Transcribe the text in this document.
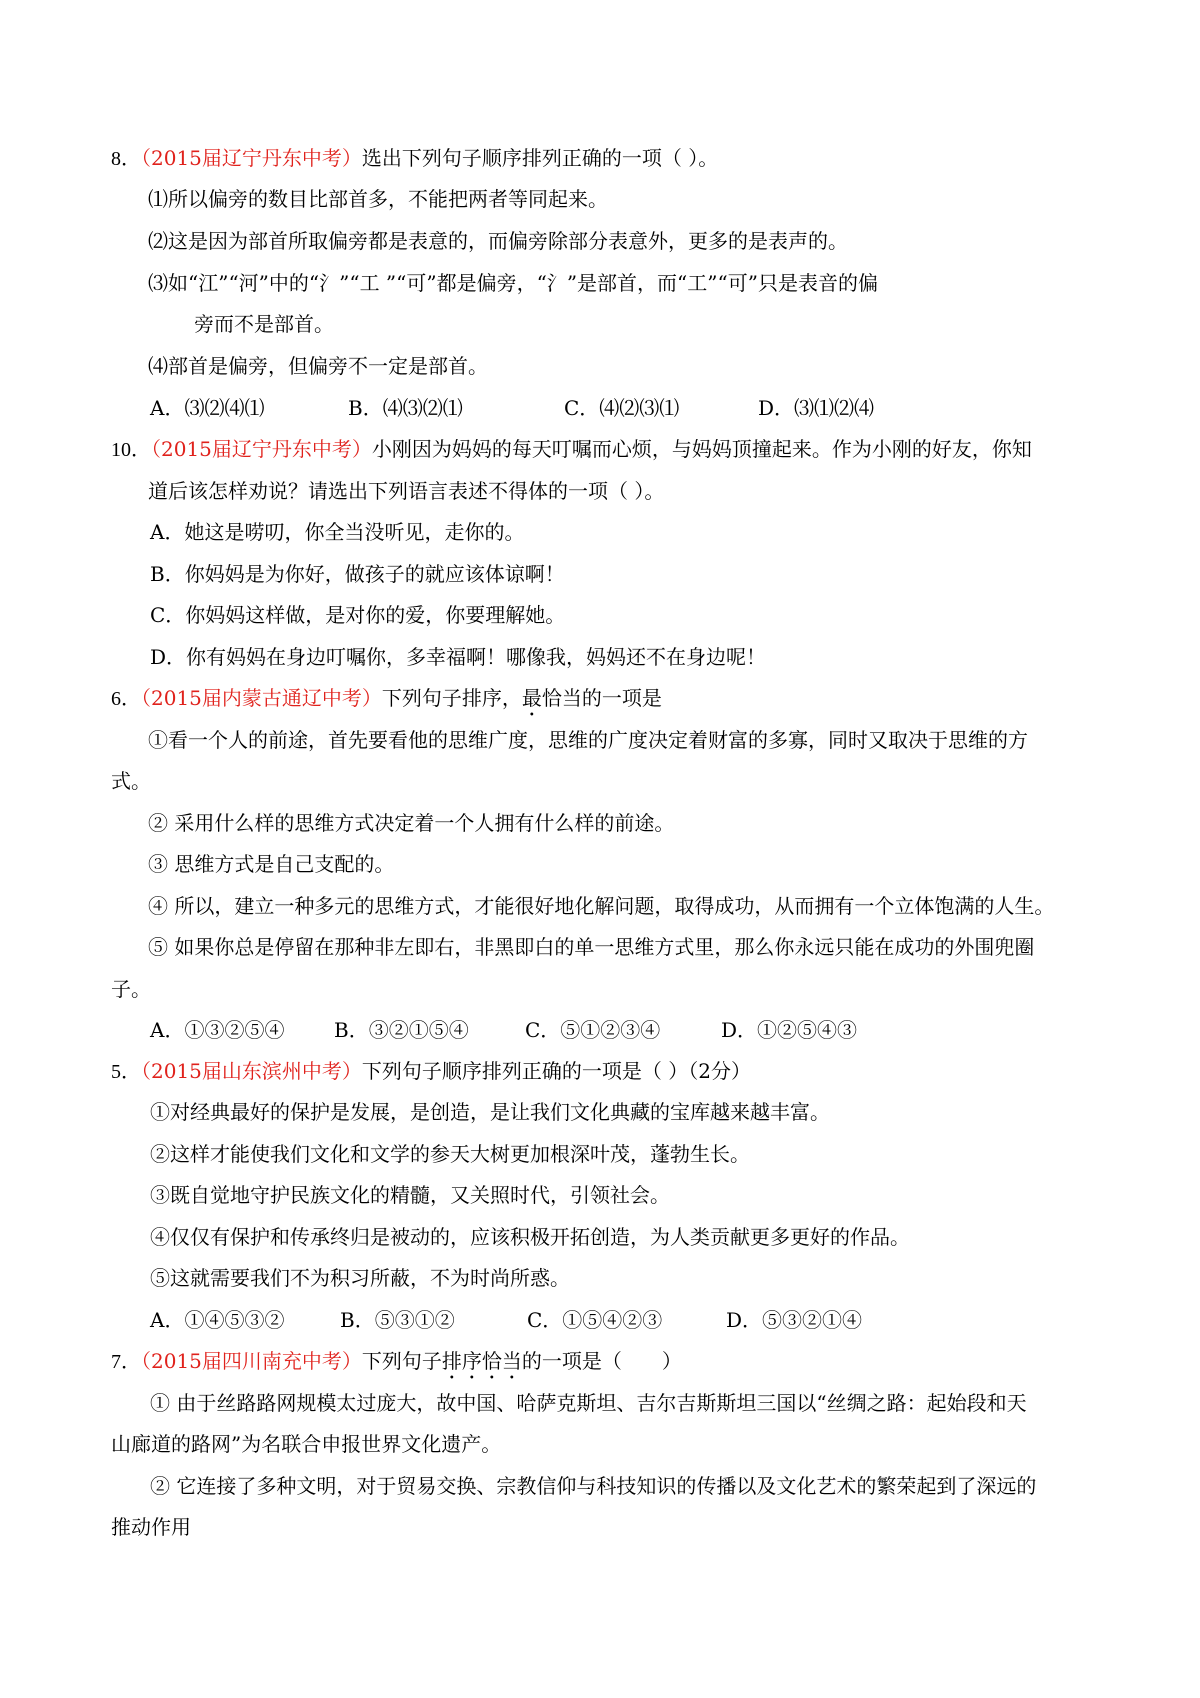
8．（2015届辽宁丹东中考）选出下列句子顺序排列正确的一项（ ）。
⑴所以偏旁的数目比部首多，不能把两者等同起来。
⑵这是因为部首所取偏旁都是表意的，而偏旁除部分表意外，更多的是表声的。
⑶如“江”“河”中的“氵”“工 ”“可”都是偏旁，“氵”是部首，而“工”“可”只是表音的偏
旁而不是部首。
⑷部首是偏旁，但偏旁不一定是部首。
A．⑶⑵⑷⑴	B．⑷⑶⑵⑴	C．⑷⑵⑶⑴	D．⑶⑴⑵⑷
10．（2015届辽宁丹东中考）小刚因为妈妈的每天叮嘱而心烦，与妈妈顶撞起来。作为小刚的好友，你知
道后该怎样劝说？请选出下列语言表述不得体的一项（ ）。
A．她这是唠叨，你全当没听见，走你的。
B．你妈妈是为你好，做孩子的就应该体谅啊！
C．你妈妈这样做，是对你的爱，你要理解她。
D．你有妈妈在身边叮嘱你，多幸福啊！哪像我，妈妈还不在身边呢！
6．（2015届内蒙古通辽中考）下列句子排序，最恰当的一项是
①看一个人的前途，首先要看他的思维广度，思维的广度决定着财富的多寡，同时又取决于思维的方
式。
② 采用什么样的思维方式决定着一个人拥有什么样的前途。
③ 思维方式是自己支配的。
④ 所以，建立一种多元的思维方式，才能很好地化解问题，取得成功，从而拥有一个立体饱满的人生。
⑤ 如果你总是停留在那种非左即右，非黑即白的单一思维方式里，那么你永远只能在成功的外围兜圈
子。
A．①③②⑤④ B．③②①⑤④	C．⑤①②③④	D．①②⑤④③
5．（2015届山东滨州中考）下列句子顺序排列正确的一项是（ ）（2分）
①对经典最好的保护是发展，是创造，是让我们文化典藏的宝库越来越丰富。
②这样才能使我们文化和文学的参天大树更加根深叶茂，蓬勃生长。
③既自觉地守护民族文化的精髓，又关照时代，引领社会。
④仅仅有保护和传承终归是被动的，应该积极开拓创造，为人类贡献更多更好的作品。
⑤这就需要我们不为积习所蔽，不为时尚所惑。
A．①④⑤③②	B．⑤③①②	C．①⑤④②③	D．⑤③②①④
7．（2015届四川南充中考）下列句子排序恰当的一项是（　　）
① 由于丝路路网规模太过庞大，故中国、哈萨克斯坦、吉尔吉斯斯坦三国以“丝绸之路：起始段和天
山廊道的路网”为名联合申报世界文化遗产。
② 它连接了多种文明，对于贸易交换、宗教信仰与科技知识的传播以及文化艺术的繁荣起到了深远的
推动作用
